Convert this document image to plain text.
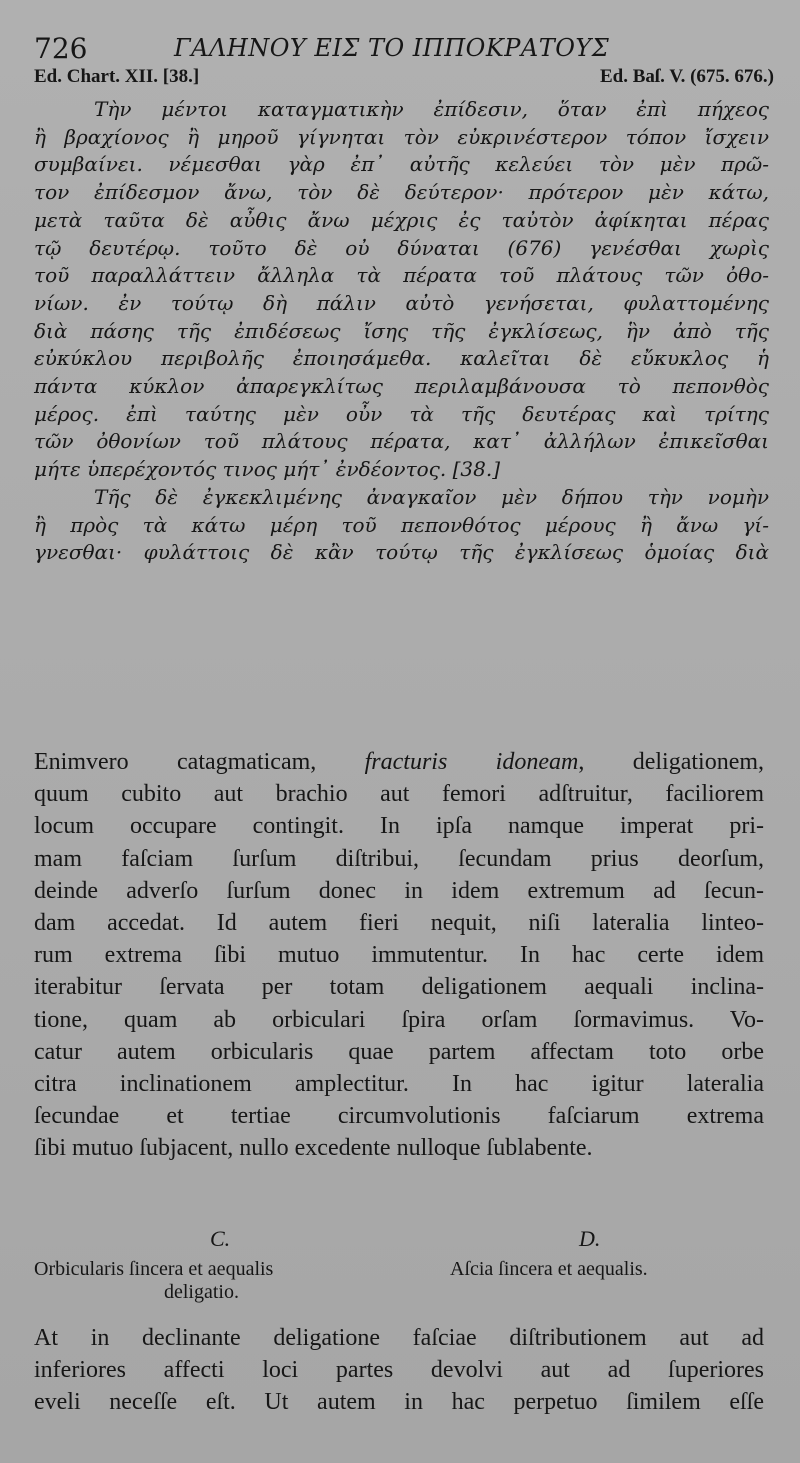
726	ΓΑΛΗΝΟΥ ΕΙΣ ΤΟ ΙΠΠΟΚΡΑΤΟΥΣ
Ed. Chart. XII. [38.]	Ed. Baſ. V. (675. 676.)
Τὴν μέντοι καταγματικὴν ἐπίδεσιν, ὅταν ἐπὶ πήχεος
ἢ βραχίονος ἢ μηροῦ γίγνηται τὸν εὐκρινέστερον τόπον ἴσχειν
συμβαίνει. νέμεσθαι γὰρ ἐπ᾽ αὐτῆς κελεύει τὸν μὲν πρῶ-
τον ἐπίδεσμον ἄνω, τὸν δὲ δεύτερον· πρότερον μὲν κάτω,
μετὰ ταῦτα δὲ αὖθις ἄνω μέχρις ἐς ταὐτὸν ἀφίκηται πέρας
τῷ δευτέρῳ. τοῦτο δὲ οὐ δύναται (676) γενέσθαι χωρὶς
τοῦ παραλλάττειν ἄλληλα τὰ πέρατα τοῦ πλάτους τῶν ὀθο-
νίων. ἐν τούτῳ δὴ πάλιν αὐτὸ γενήσεται, φυλαττομένης
διὰ πάσης τῆς ἐπιδέσεως ἴσης τῆς ἐγκλίσεως, ἣν ἀπὸ τῆς
εὐκύκλου περιβολῆς ἐποιησάμεθα. καλεῖται δὲ εὔκυκλος ἡ
πάντα κύκλον ἀπαρεγκλίτως περιλαμβάνουσα τὸ πεπονθὸς
μέρος. ἐπὶ ταύτης μὲν οὖν τὰ τῆς δευτέρας καὶ τρίτης
τῶν ὀθονίων τοῦ πλάτους πέρατα, κατ᾽ ἀλλήλων ἐπικεῖσθαι
μήτε ὑπερέχοντός τινος μήτ᾽ ἐνδέοντος. [38.]
Τῆς δὲ ἐγκεκλιμένης ἀναγκαῖον μὲν δήπου τὴν νομὴν
ἢ πρὸς τὰ κάτω μέρη τοῦ πεπονθότος μέρους ἢ ἄνω γί-
γνεσθαι· φυλάττοις δὲ κἂν τούτῳ τῆς ἐγκλίσεως ὁμοίας διὰ
Enimvero catagmaticam, fracturis idoneam, deligationem,
quum cubito aut brachio aut femori adſtruitur, faciliorem
locum occupare contingit. In ipſa namque imperat pri-
mam faſciam ſurſum diſtribui, ſecundam prius deorſum,
deinde adverſo ſurſum donec in idem extremum ad ſecun-
dam accedat. Id autem fieri nequit, niſi lateralia linteo-
rum extrema ſibi mutuo immutentur. In hac certe idem
iterabitur ſervata per totam deligationem aequali inclina-
tione, quam ab orbiculari ſpira orſam ſormavimus. Vo-
catur autem orbicularis quae partem affectam toto orbe
citra inclinationem amplectitur. In hac igitur lateralia
ſecundae et tertiae circumvolutionis faſciarum extrema
ſibi mutuo ſubjacent, nullo excedente nulloque ſublabente.
C.	D.
Orbicularis ſincera et aequalis
deligatio.
Aſcia ſincera et aequalis.
At in declinante deligatione faſciae diſtributionem aut ad
inferiores affecti loci partes devolvi aut ad ſuperiores
eveli neceſſe eſt. Ut autem in hac perpetuo ſimilem eſſe
